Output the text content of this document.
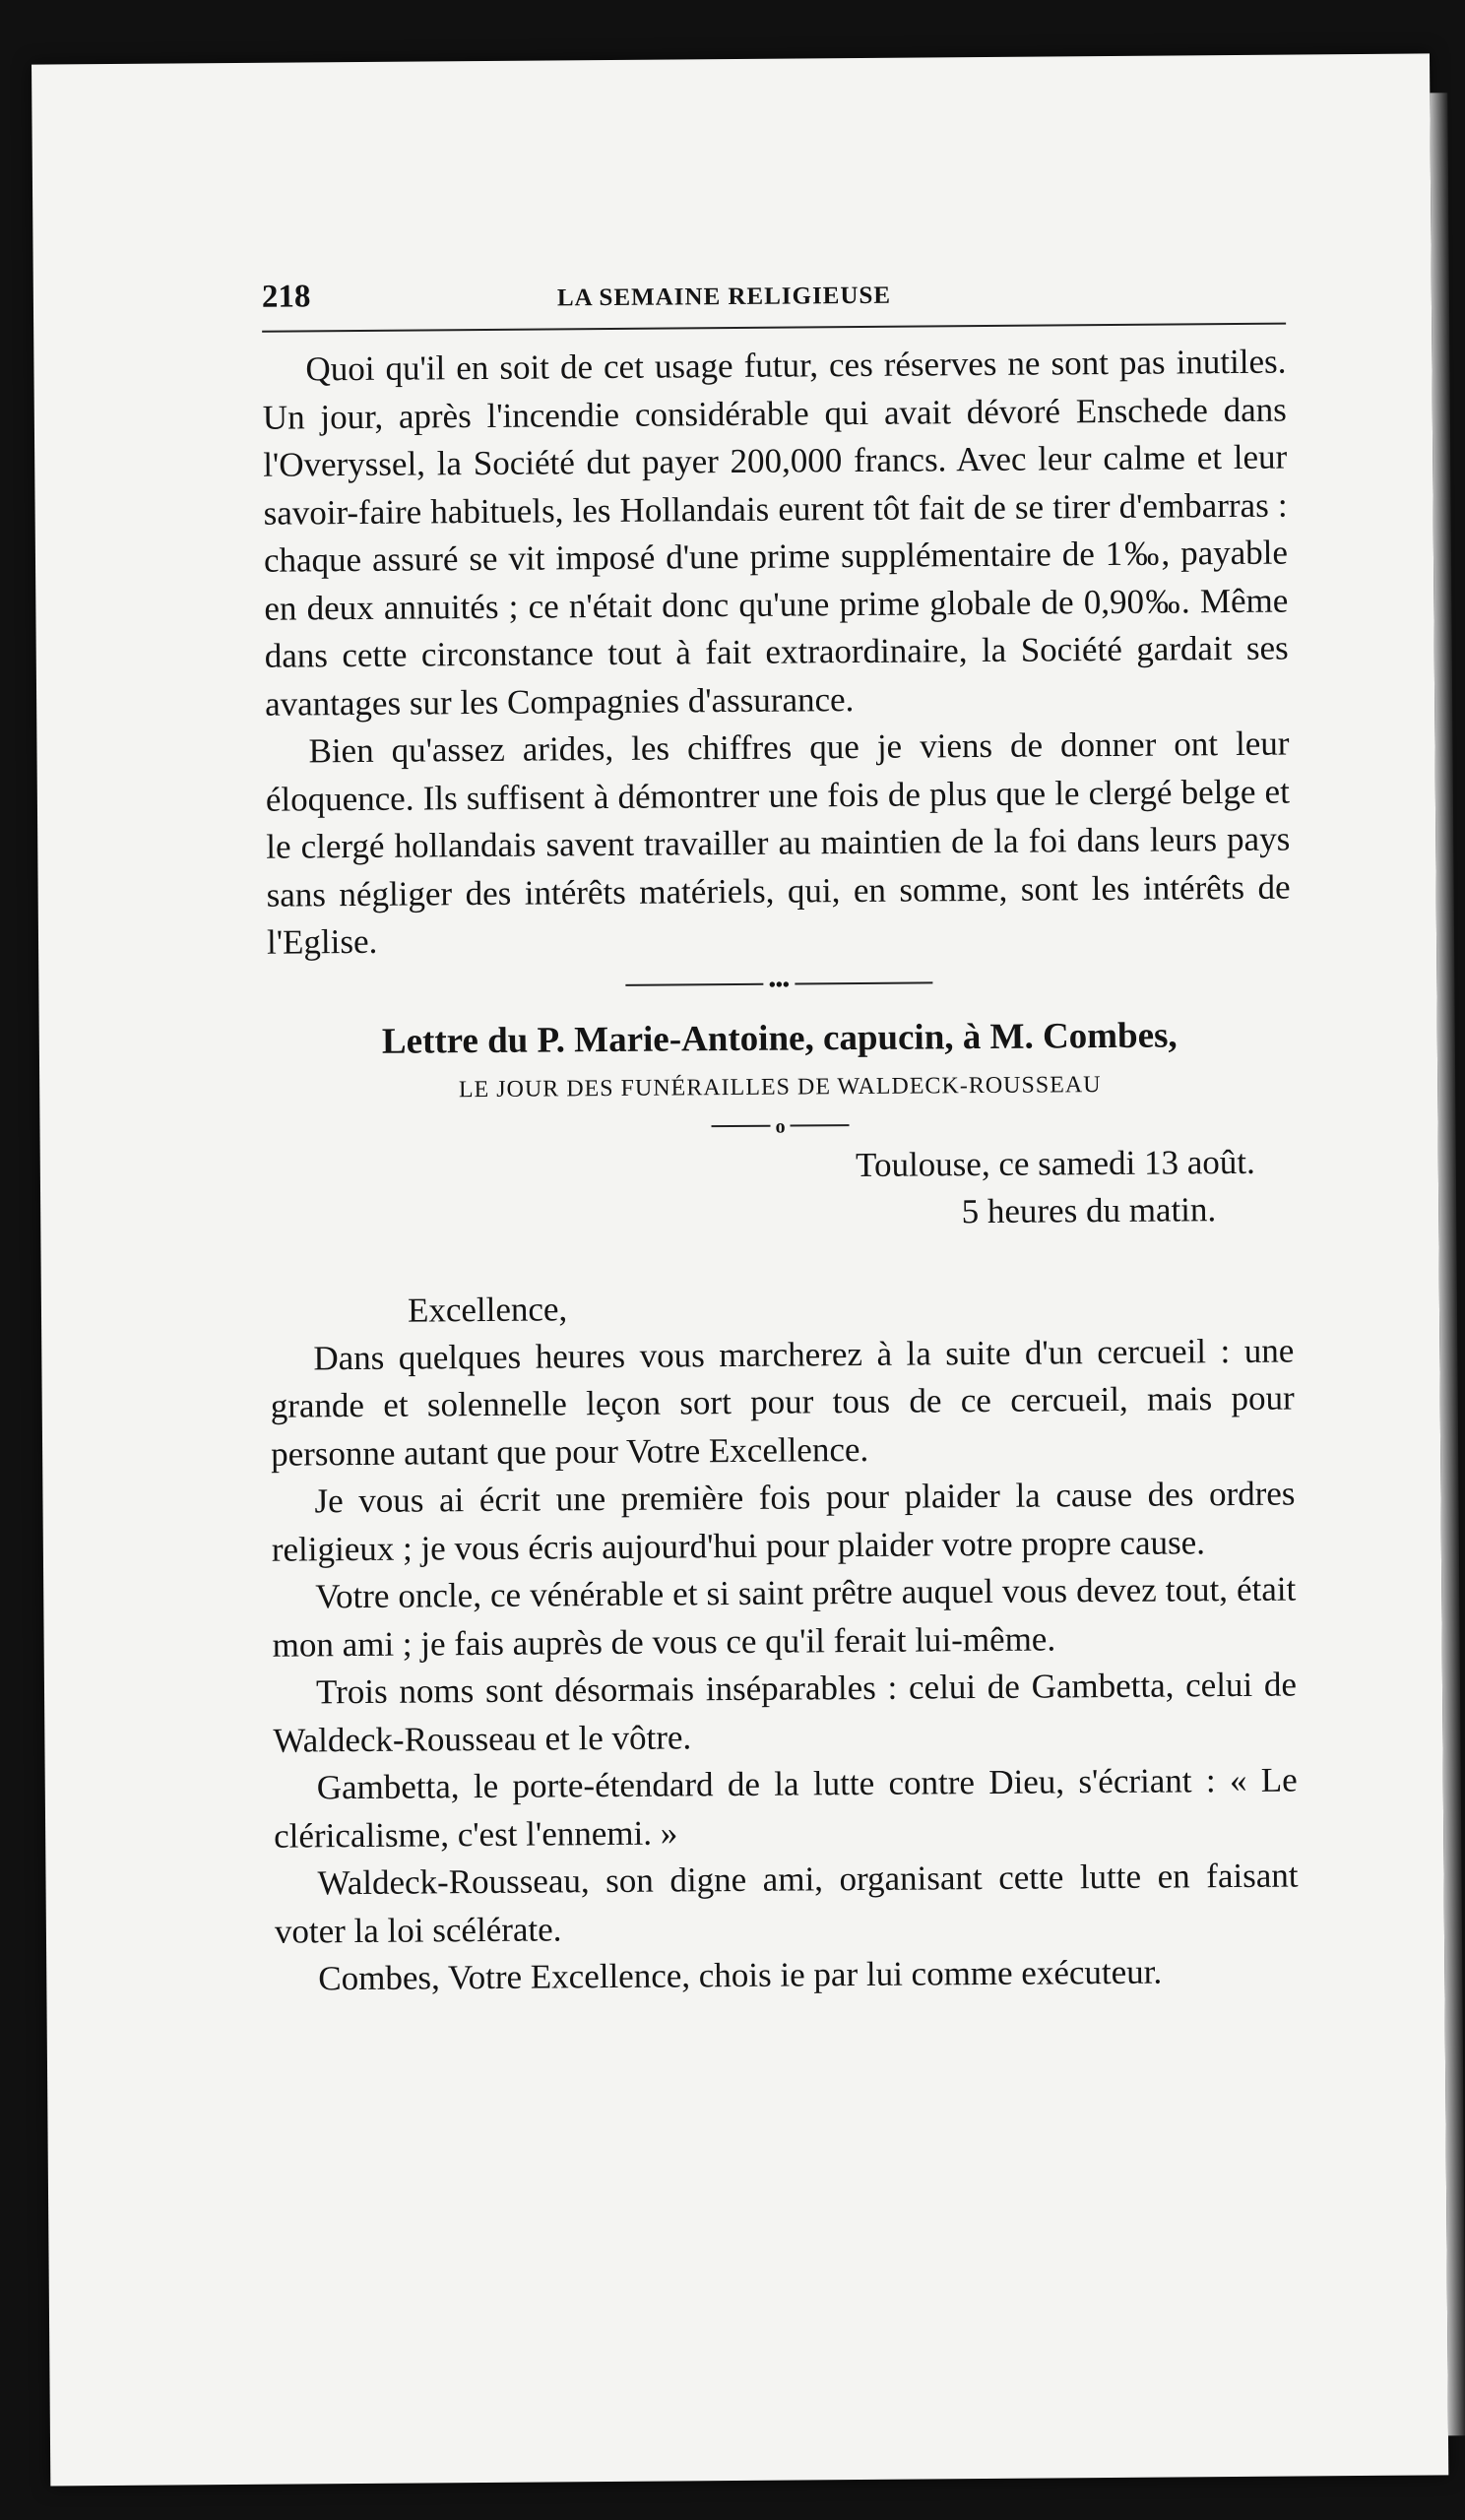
218	LA SEMAINE RELIGIEUSE

Quoi qu'il en soit de cet usage futur, ces réserves ne sont pas inutiles. Un jour, après l'incendie considérable qui avait dévoré Enschede dans l'Overyssel, la Société dut payer 200,000 francs. Avec leur calme et leur savoir-faire habituels, les Hollandais eurent tôt fait de se tirer d'embarras : chaque assuré se vit imposé d'une prime supplémentaire de 1‰, payable en deux annuités ; ce n'était donc qu'une prime globale de 0,90‰. Même dans cette circonstance tout à fait extraordinaire, la Société gardait ses avantages sur les Compagnies d'assurance.

Bien qu'assez arides, les chiffres que je viens de donner ont leur éloquence. Ils suffisent à démontrer une fois de plus que le clergé belge et le clergé hollandais savent travailler au maintien de la foi dans leurs pays sans négliger des intérêts matériels, qui, en somme, sont les intérêts de l'Eglise.

•••
Lettre du P. Marie-Antoine, capucin, à M. Combes,
LE JOUR DES FUNÉRAILLES DE WALDECK-ROUSSEAU
o
Toulouse, ce samedi 13 août.
5 heures du matin.
Excellence,

Dans quelques heures vous marcherez à la suite d'un cercueil : une grande et solennelle leçon sort pour tous de ce cercueil, mais pour personne autant que pour Votre Excellence.

Je vous ai écrit une première fois pour plaider la cause des ordres religieux ; je vous écris aujourd'hui pour plaider votre propre cause.

Votre oncle, ce vénérable et si saint prêtre auquel vous devez tout, était mon ami ; je fais auprès de vous ce qu'il ferait lui-même.

Trois noms sont désormais inséparables : celui de Gambetta, celui de Waldeck-Rousseau et le vôtre.

Gambetta, le porte-étendard de la lutte contre Dieu, s'écriant : « Le cléricalisme, c'est l'ennemi. »

Waldeck-Rousseau, son digne ami, organisant cette lutte en faisant voter la loi scélérate.

Combes, Votre Excellence, chois ie par lui comme exécuteur.
